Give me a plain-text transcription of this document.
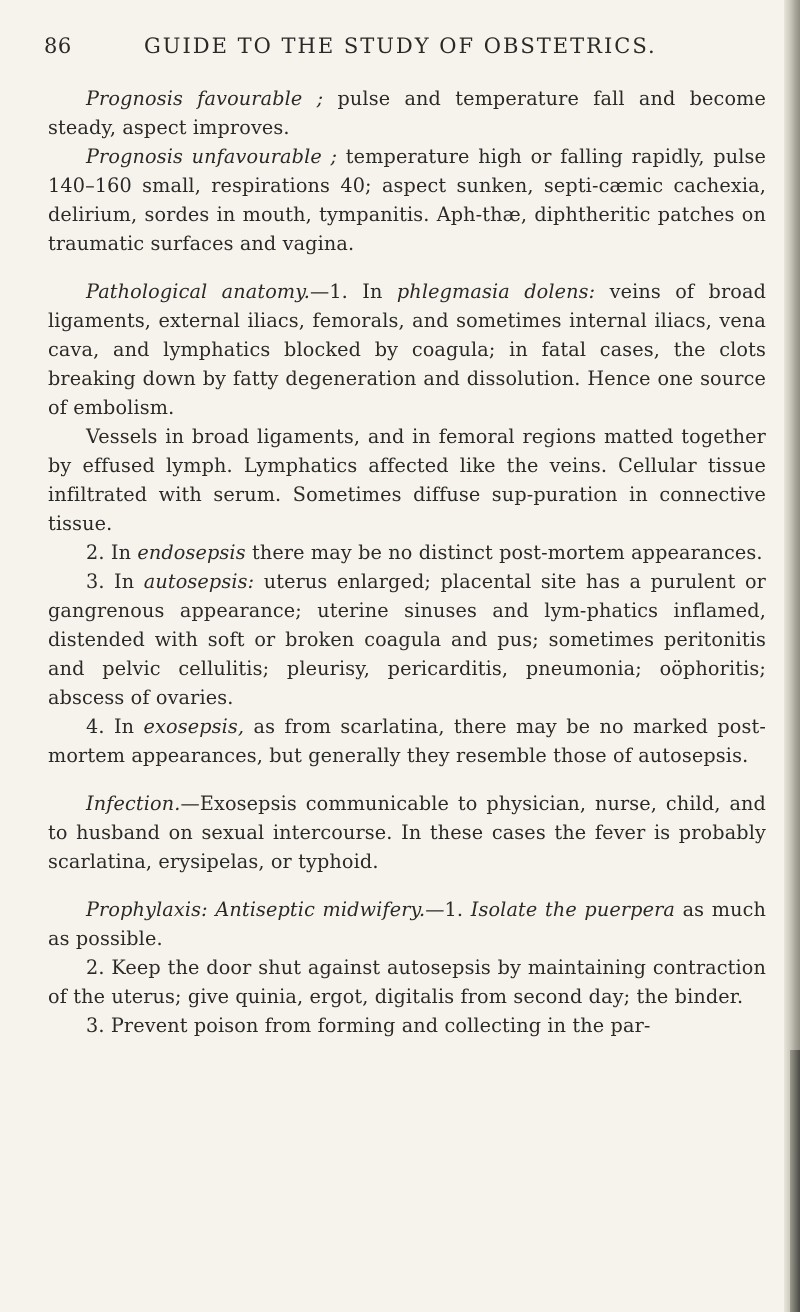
86	GUIDE TO THE STUDY OF OBSTETRICS.

Prognosis favourable ; pulse and temperature fall and become steady, aspect improves.

Prognosis unfavourable ; temperature high or falling rapidly, pulse 140–160 small, respirations 40; aspect sunken, septi-cæmic cachexia, delirium, sordes in mouth, tympanitis. Aph-thæ, diphtheritic patches on traumatic surfaces and vagina.

Pathological anatomy.—1. In phlegmasia dolens: veins of broad ligaments, external iliacs, femorals, and sometimes internal iliacs, vena cava, and lymphatics blocked by coagula; in fatal cases, the clots breaking down by fatty degeneration and dissolution. Hence one source of embolism.

Vessels in broad ligaments, and in femoral regions matted together by effused lymph. Lymphatics affected like the veins. Cellular tissue infiltrated with serum. Sometimes diffuse sup-puration in connective tissue.

2. In endosepsis there may be no distinct post-mortem appearances.

3. In autosepsis: uterus enlarged; placental site has a purulent or gangrenous appearance; uterine sinuses and lym-phatics inflamed, distended with soft or broken coagula and pus; sometimes peritonitis and pelvic cellulitis; pleurisy, pericarditis, pneumonia; oöphoritis; abscess of ovaries.

4. In exosepsis, as from scarlatina, there may be no marked post-mortem appearances, but generally they resemble those of autosepsis.

Infection.—Exosepsis communicable to physician, nurse, child, and to husband on sexual intercourse. In these cases the fever is probably scarlatina, erysipelas, or typhoid.

Prophylaxis: Antiseptic midwifery.—1. Isolate the puerpera as much as possible.

2. Keep the door shut against autosepsis by maintaining contraction of the uterus; give quinia, ergot, digitalis from second day; the binder.

3. Prevent poison from forming and collecting in the par-
